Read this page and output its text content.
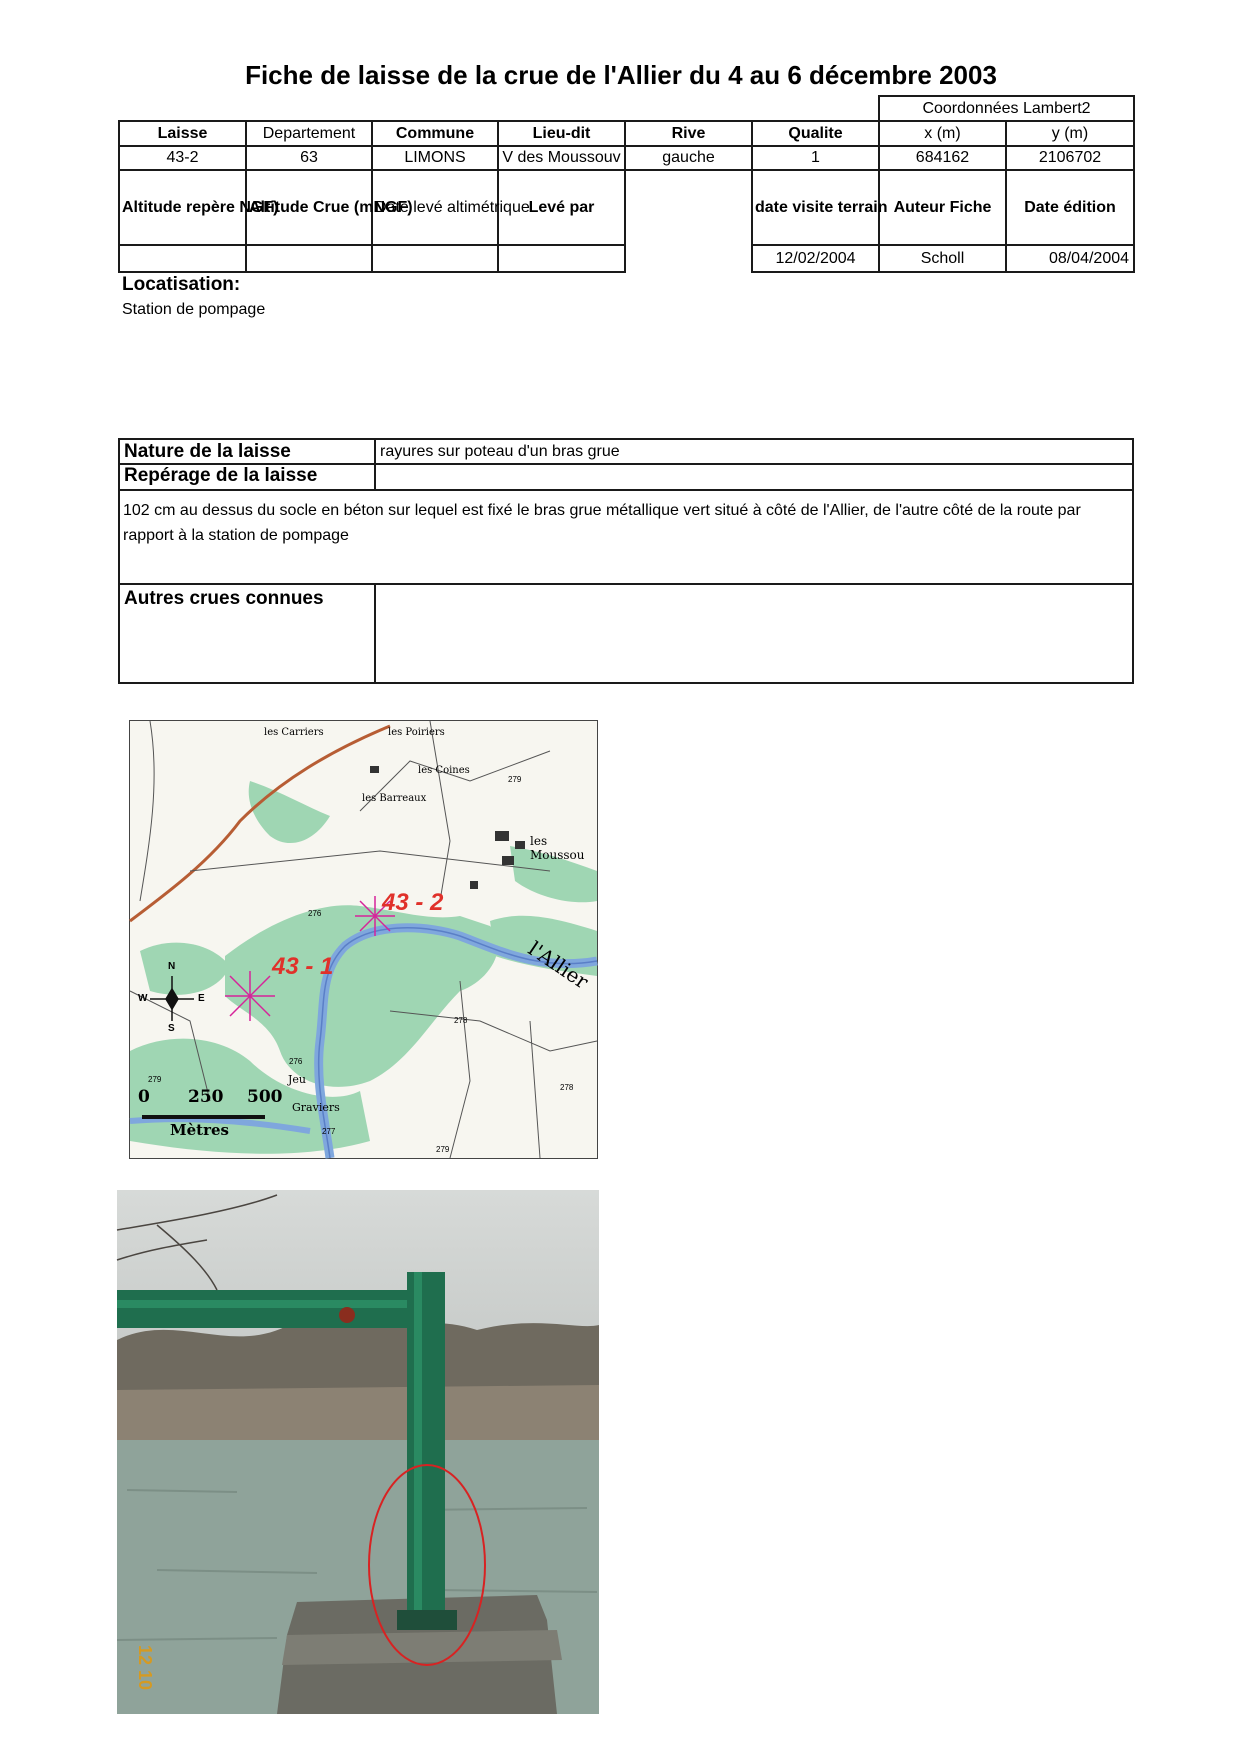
Fiche de laisse de la crue de l'Allier du 4 au 6 décembre 2003
						Coordonnées Lambert2	
Laisse	Departement	Commune	Lieu-dit	Rive	Qualite	x (m)	y (m)
43-2	63	LIMONS	V des Moussouv	gauche	1	684162	2106702
Altitude repère NGF)	Altitude Crue (mNGF)	Date levé altimétrique	Levé par		date visite terrain	Auteur Fiche	Date édition
					12/02/2004	Scholl	08/04/2004
Locatisation:
Station de pompage
Nature de la laisse	rayures sur poteau d'un bras grue
Repérage de la laisse
102 cm au dessus du socle en béton sur lequel est fixé le bras grue métallique vert situé à côté de l'Allier, de l'autre côté de la route par rapport à la station de pompage
Autres crues connues
les Carriers	les Poiriers
les Coines
les Barreaux
les Moussou
l'Allier
Jeu
Graviers
279
276
278
279
278
276
277
279
43 - 2
43 - 1
N
E
S
W
0 250 500
Mètres
12 10
